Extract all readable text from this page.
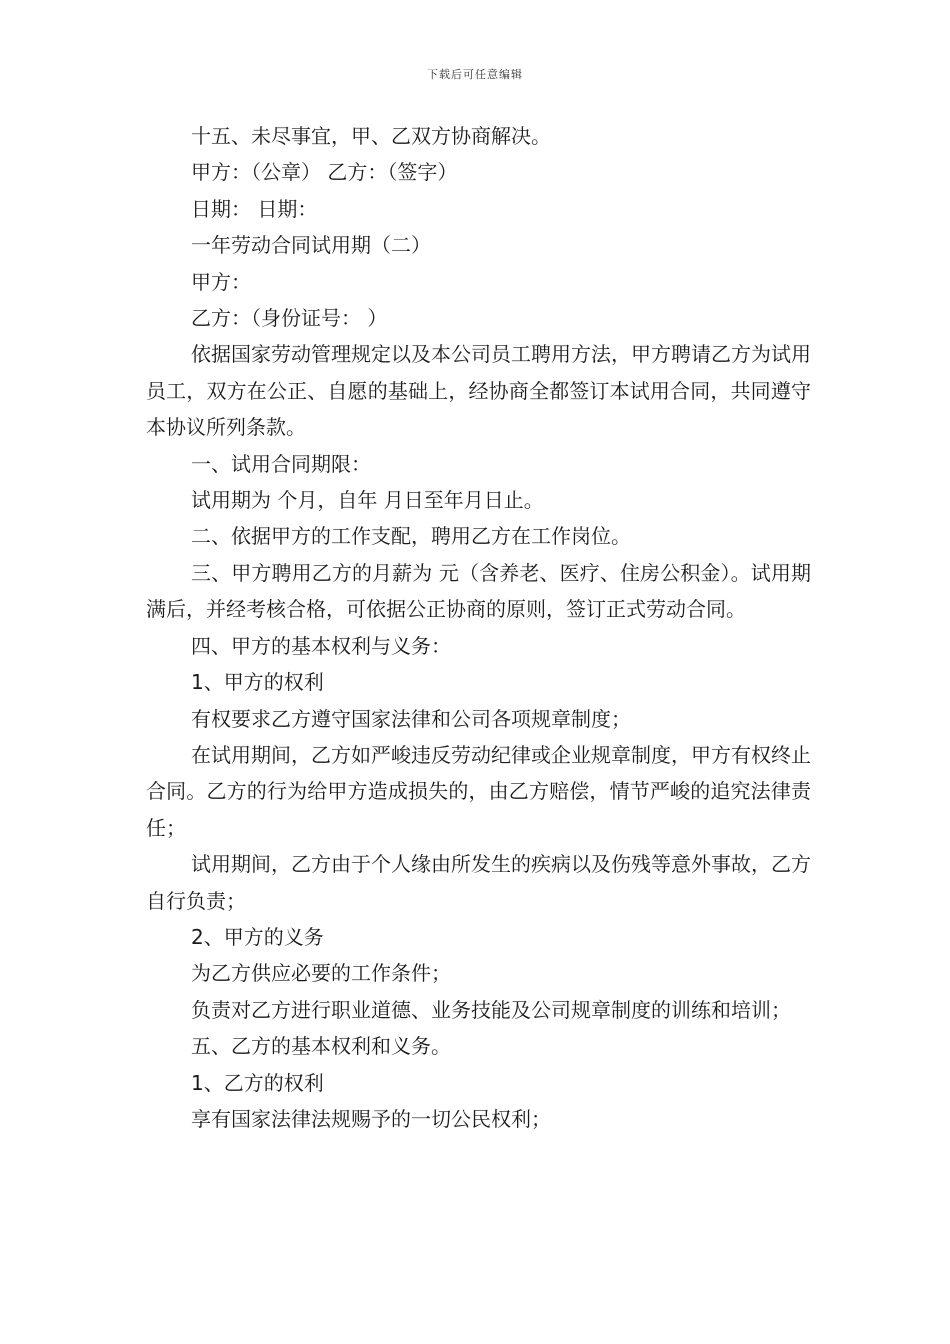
下载后可任意编辑

十五、未尽事宜，甲、乙双方协商解决。

甲方：（公章） 乙方：（签字）

日期： 日期：

一年劳动合同试用期（二）

甲方：

乙方：（身份证号： ）

依据国家劳动管理规定以及本公司员工聘用方法，甲方聘请乙方为试用员工，双方在公正、自愿的基础上，经协商全都签订本试用合同，共同遵守本协议所列条款。

一、试用合同期限：

试用期为 个月，自年 月日至年月日止。

二、依据甲方的工作支配，聘用乙方在工作岗位。

三、甲方聘用乙方的月薪为 元（含养老、医疗、住房公积金）。试用期满后，并经考核合格，可依据公正协商的原则，签订正式劳动合同。

四、甲方的基本权利与义务：

1、甲方的权利

有权要求乙方遵守国家法律和公司各项规章制度；

在试用期间，乙方如严峻违反劳动纪律或企业规章制度，甲方有权终止合同。乙方的行为给甲方造成损失的，由乙方赔偿，情节严峻的追究法律责任；

试用期间，乙方由于个人缘由所发生的疾病以及伤残等意外事故，乙方自行负责；

2、甲方的义务

为乙方供应必要的工作条件；

负责对乙方进行职业道德、业务技能及公司规章制度的训练和培训；

五、乙方的基本权利和义务。

1、乙方的权利

享有国家法律法规赐予的一切公民权利；
